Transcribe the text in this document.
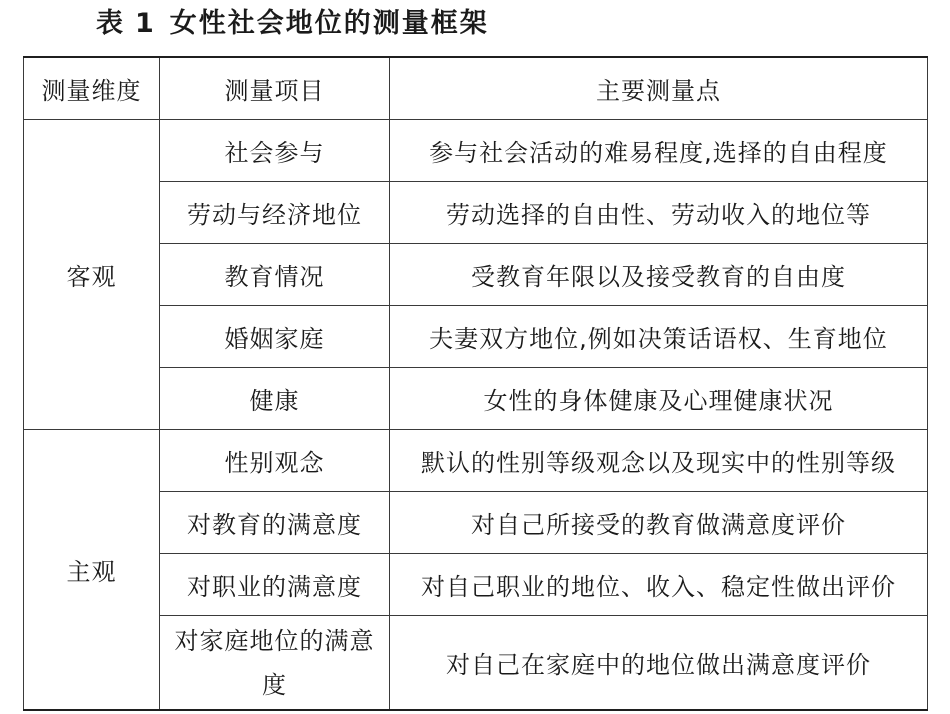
表 1 女性社会地位的测量框架
测量维度	测量项目	主要测量点
客观	社会参与	参与社会活动的难易程度,选择的自由程度
	劳动与经济地位	劳动选择的自由性、劳动收入的地位等
	教育情况	受教育年限以及接受教育的自由度
	婚姻家庭	夫妻双方地位,例如决策话语权、生育地位
	健康	女性的身体健康及心理健康状况
主观	性别观念	默认的性别等级观念以及现实中的性别等级
	对教育的满意度	对自己所接受的教育做满意度评价
	对职业的满意度	对自己职业的地位、收入、稳定性做出评价
	对家庭地位的满意度	对自己在家庭中的地位做出满意度评价
